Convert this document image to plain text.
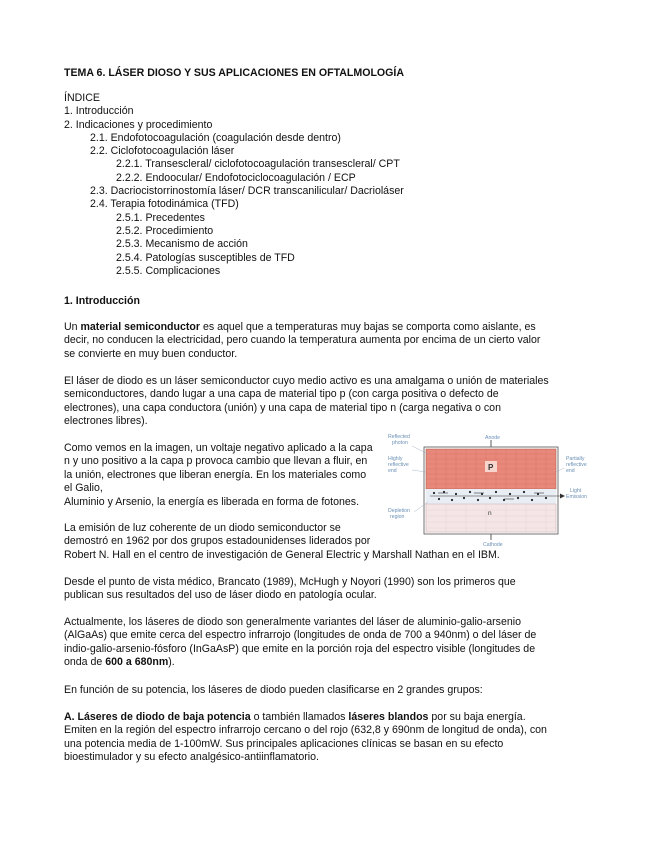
TEMA 6. LÁSER DIOSO Y SUS APLICACIONES EN OFTALMOLOGÍA
ÍNDICE
1. Introducción
2. Indicaciones y procedimiento
2.1. Endofotocoagulación (coagulación desde dentro)
2.2. Ciclofotocoagulación láser
2.2.1. Transescleral/ ciclofotocoagulación transescleral/ CPT
2.2.2. Endoocular/ Endofotociclocoagulación / ECP
2.3. Dacriocistorrinostomía láser/ DCR transcanilicular/ Dacrioláser
2.4. Terapia fotodinámica (TFD)
2.5.1. Precedentes
2.5.2. Procedimiento
2.5.3. Mecanismo de acción
2.5.4. Patologías susceptibles de TFD
2.5.5. Complicaciones
1. Introducción

Un material semiconductor es aquel que a temperaturas muy bajas se comporta como aislante, es

decir, no conducen la electricidad, pero cuando la temperatura aumenta por encima de un cierto valor

se convierte en muy buen conductor.

El láser de diodo es un láser semiconductor cuyo medio activo es una amalgama o unión de materiales

semiconductores, dando lugar a una capa de material tipo p (con carga positiva o defecto de

electrones), una capa conductora (unión) y una capa de material tipo n (carga negativa o con

electrones libres).

Como vemos en la imagen, un voltaje negativo aplicado a la capa

n y uno positivo a la capa p provoca cambio que llevan a fluir, en

la unión, electrones que liberan energía. En los materiales como

el Galio,

Aluminio y Arsenio, la energía es liberada en forma de fotones.

La emisión de luz coherente de un diodo semiconductor se

demostró en 1962 por dos grupos estadounidenses liderados por

Robert N. Hall en el centro de investigación de General Electric y Marshall Nathan en el IBM.

Desde el punto de vista médico, Brancato (1989), McHugh y Noyori (1990) son los primeros que

publican sus resultados del uso de láser diodo en patología ocular.

Actualmente, los láseres de diodo son generalmente variantes del láser de aluminio-galio-arsenio

(AlGaAs) que emite cerca del espectro infrarrojo (longitudes de onda de 700 a 940nm) o del láser de

indio-galio-arsenio-fósforo (InGaAsP) que emite en la porción roja del espectro visible (longitudes de

onda de 600 a 680nm).

En función de su potencia, los láseres de diodo pueden clasificarse en 2 grandes grupos:

A. Láseres de diodo de baja potencia o también llamados láseres blandos por su baja energía.

Emiten en la región del espectro infrarrojo cercano o del rojo (632,8 y 690nm de longitud de onda), con

una potencia media de 1-100mW. Sus principales aplicaciones clínicas se basan en su efecto

bioestimulador y su efecto analgésico-antiinflamatorio.

Reflected
photon
Anode
Highly
reflective
end
Partially
reflective
end
Depletion
region
Light
Emission
Cathode
P
n
